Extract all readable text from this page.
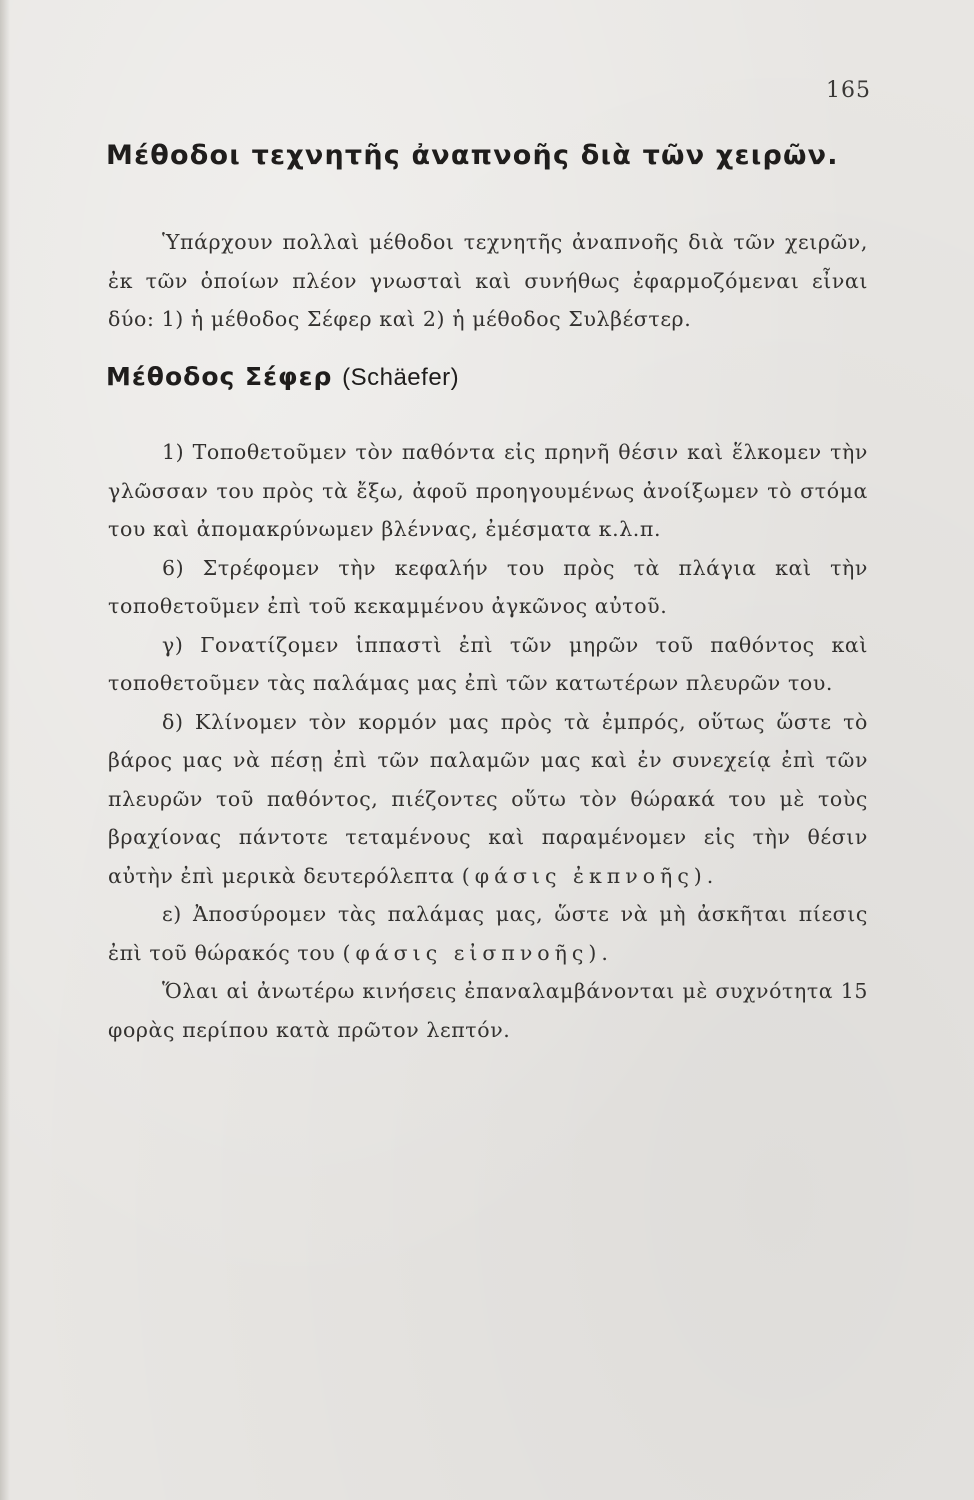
165
Μέθοδοι τεχνητῆς ἀναπνοῆς διὰ τῶν χειρῶν.

Ὑπάρχουν πολλαὶ μέθοδοι τεχνητῆς ἀναπνοῆς διὰ τῶν χειρῶν, ἐκ τῶν ὁποίων πλέον γνωσταὶ καὶ συνήθως ἐφαρμοζόμεναι εἶναι δύο: 1) ἡ μέθοδος Σέφερ καὶ 2) ἡ μέθοδος Συλβέστερ.

Μέθοδος Σέφερ (Schäefer)

1) Τοποθετοῦμεν τὸν παθόντα εἰς πρηνῆ θέσιν καὶ ἕλκομεν τὴν γλῶσσαν του πρὸς τὰ ἔξω, ἀφοῦ προηγουμένως ἀνοίξωμεν τὸ στόμα του καὶ ἀπομακρύνωμεν βλέννας, ἐμέσματα κ.λ.π.

6) Στρέφομεν τὴν κεφαλήν του πρὸς τὰ πλάγια καὶ τὴν τοποθετοῦμεν ἐπὶ τοῦ κεκαμμένου ἀγκῶνος αὐτοῦ.

γ) Γονατίζομεν ἱππαστὶ ἐπὶ τῶν μηρῶν τοῦ παθόντος καὶ τοποθετοῦμεν τὰς παλάμας μας ἐπὶ τῶν κατωτέρων πλευρῶν του.

δ) Κλίνομεν τὸν κορμόν μας πρὸς τὰ ἐμπρός, οὕτως ὥστε τὸ βάρος μας νὰ πέσῃ ἐπὶ τῶν παλαμῶν μας καὶ ἐν συνεχείᾳ ἐπὶ τῶν πλευρῶν τοῦ παθόντος, πιέζοντες οὕτω τὸν θώρακά του μὲ τοὺς βραχίονας πάντοτε τεταμένους καὶ παραμένομεν εἰς τὴν θέσιν αὐτὴν ἐπὶ μερικὰ δευτερόλεπτα (φάσις ἐκπνοῆς).

ε) Ἀποσύρομεν τὰς παλάμας μας, ὥστε νὰ μὴ ἀσκῆται πίεσις ἐπὶ τοῦ θώρακός του (φάσις εἰσπνοῆς).

Ὅλαι αἱ ἀνωτέρω κινήσεις ἐπαναλαμβάνονται μὲ συχνότητα 15 φορὰς περίπου κατὰ πρῶτον λεπτόν.
